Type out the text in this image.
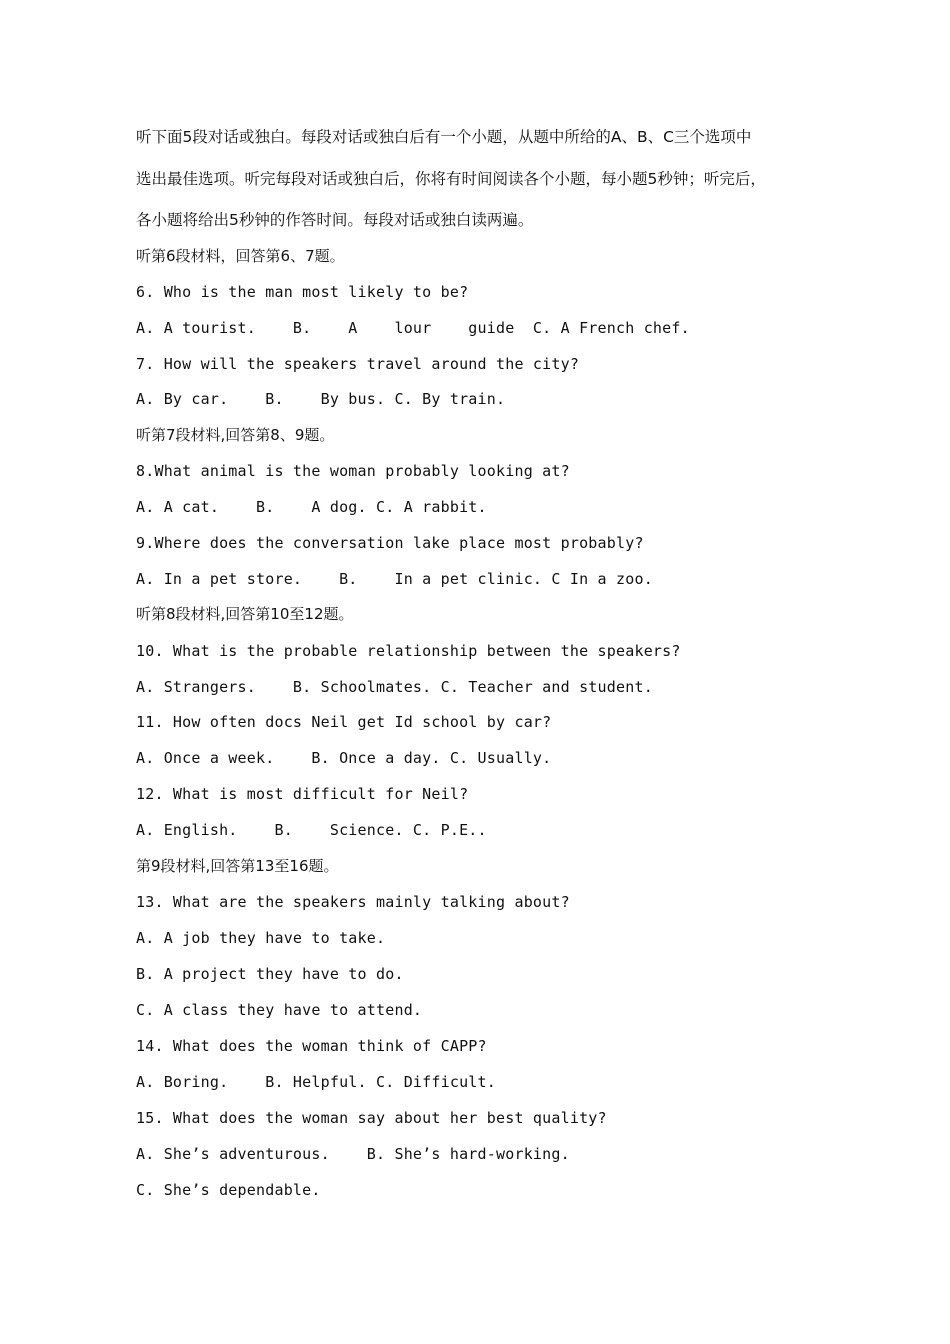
听下面5段对话或独白。每段对话或独白后有一个小题，从题中所给的A、B、C三个选项中

选出最佳选项。听完每段对话或独白后，你将有时间阅读各个小题，每小题5秒钟；听完后，

各小题将给出5秒钟的作答时间。每段对话或独白读两遍。

听第6段材料，回答第6、7题。

6. Who is the man most likely to be?

A. A tourist.    B.    A    lour    guide  C. A French chef.

7. How will the speakers travel around the city?

A. By car.    B.    By bus. C. By train.

听第7段材料,回答第8、9题。

8.What animal is the woman probably looking at?

A. A cat.    B.    A dog. C. A rabbit.

9.Where does the conversation lake place most probably?

A. In a pet store.    B.    In a pet clinic. C In a zoo.

听第8段材料,回答第10至12题。

10. What is the probable relationship between the speakers?

A. Strangers.    B. Schoolmates. C. Teacher and student.

11. How often docs Neil get Id school by car?

A. Once a week.    B. Once a day. C. Usually.

12. What is most difficult for Neil?

A. English.    B.    Science. C. P.E..

第9段材料,回答第13至16题。

13. What are the speakers mainly talking about?

A. A job they have to take.

B. A project they have to do.

C. A class they have to attend.

14. What does the woman think of CAPP?

A. Boring.    B. Helpful. C. Difficult.

15. What does the woman say about her best quality?

A. She’s adventurous.    B. She’s hard-working.

C. She’s dependable.
